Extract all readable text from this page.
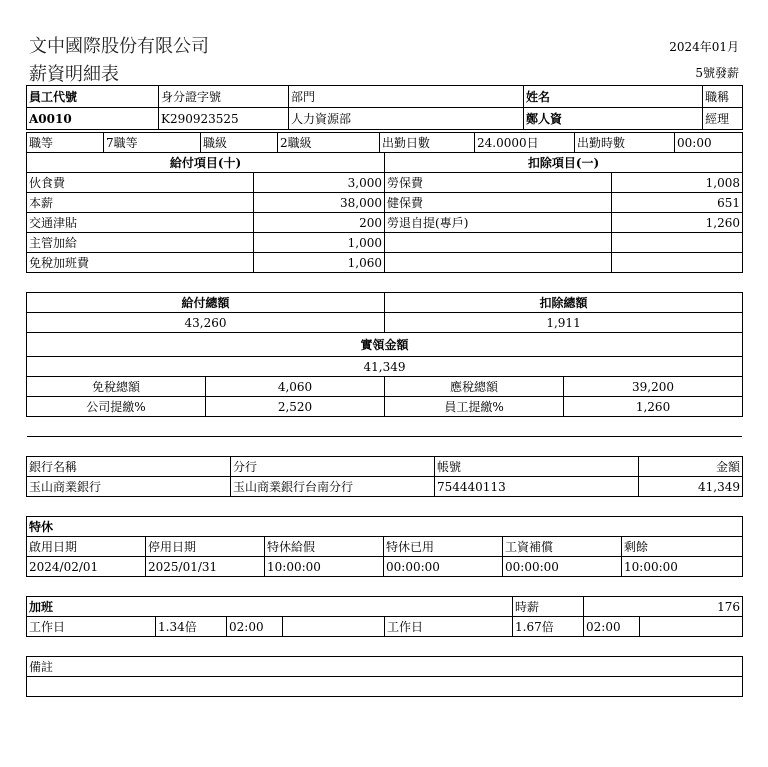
文中國際股份有限公司
薪資明細表
2024年01月
5號發薪
員工代號	身分證字號	部門	姓名	職稱
A0010	K290923525	人力資源部	鄭人資	經理
職等	7職等	職級	2職級	出勤日數	24.0000日	出勤時數	00:00
給付項目(十)		扣除項目(一)	
伙食費	3,000	勞保費	1,008
本薪	38,000	健保費	651
交通津貼	200	勞退自提(專戶)	1,260
主管加給	1,000		
免稅加班費	1,060		
給付總額		扣除總額	
43,260		1,911	
實領金額			
41,349			
免稅總額	4,060	應稅總額	39,200
公司提繳%	2,520	員工提繳%	1,260
銀行名稱	分行	帳號	金額
玉山商業銀行	玉山商業銀行台南分行	754440113	41,349
特休					
啟用日期	停用日期	特休給假	特休已用	工資補償	剩餘
2024/02/01	2025/01/31	10:00:00	00:00:00	00:00:00	10:00:00
加班					時薪	176	
工作日	1.34倍	02:00		工作日	1.67倍	02:00	
備註
